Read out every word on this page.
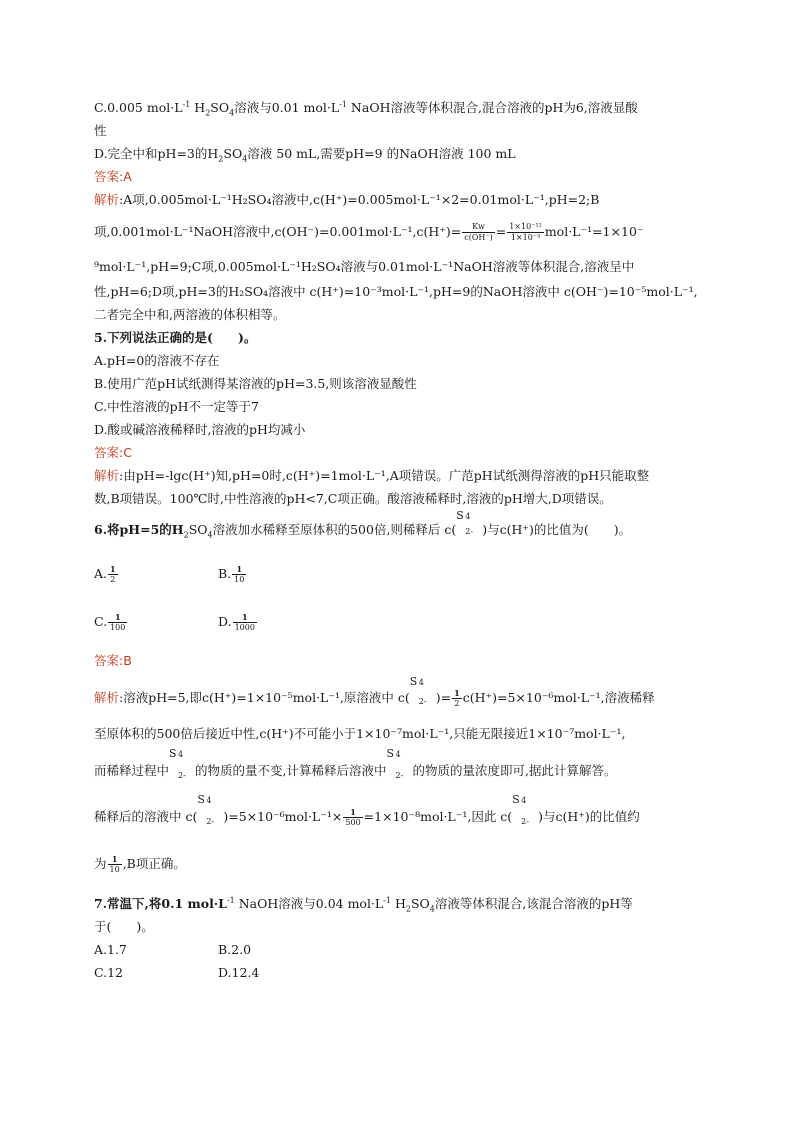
C.0.005 $mol\cdot L^{-1}$ $H_2SO_4$溶液与0.01 $mol\cdot L^{-1}$ NaOH溶液等体积混合,混合溶液的pH为6,溶液显酸
性
D.完全中和pH=3的$H_2SO_4$溶液 50 mL,需要pH=9 的NaOH溶液 100 mL
答案:A
解析:A项,0.005mol·L⁻¹H₂SO₄溶液中,c(H⁺)=0.005mol·L⁻¹×2=0.01mol·L⁻¹,pH=2;B
项,0.001mol·L⁻¹NaOH溶液中$,c(OH^-)=0.001mol\cdot L^{-1},c(H^+)= \frac{Kw}{c(OH^-)} = \frac{\text{1×10⁻¹²}}{\text{1×10⁻³}} mol\cdot L^{-1}=1\times 10^-$
⁹mol·L⁻¹,pH=9;C项,0.005mol·L⁻¹H₂SO₄溶液与0.01mol·L⁻¹NaOH溶液等体积混合,溶液呈中
性,pH=6;D项,pH=3的H₂SO₄溶液中 c(H⁺)=10⁻³mol·L⁻¹,pH=9的NaOH溶液中 c(OH⁻)=10⁻⁵mol·L⁻¹,
二者完全中和,两溶液的体积相等。
5.下列说法正确的是(　　)。
A.pH=0的溶液不存在
B.使用广范pH试纸测得某溶液的pH=3.5,则该溶液显酸性
C.中性溶液的pH不一定等于7
D.酸或碱溶液稀释时,溶液的pH均减小
答案:C
解析:由pH=-lgc(H⁺)知,pH=0时,c(H⁺)=1mol·L⁻¹,A项错误。广范pH试纸测得溶液的pH只能取整
数,B项错误。100℃时,中性溶液的pH<7,C项正确。酸溶液稀释时,溶液的pH增大,D项错误。
6.将pH=5的$H_2SO_4$溶液加水稀释至原体积的500倍,则稀释后 c(
S 4
2- )与c(H⁺)的比值为(　　)。
A. $\frac{1}{2}$	B. $\frac{1}{10}$
C. $\frac{1}{100}$	D. $\frac{1}{1000}$
答案:B
解析:溶液pH=5,即c(H⁺)=1×10⁻⁵mol·L⁻¹,原溶液中 c(
S 4
2- )= $\frac{1}{2} c(H^+)=5\times 10^{-6}mol\cdot L^{-1}$,溶液稀释
至原体积的500倍后接近中性,c(H⁺)不可能小于1×10⁻⁷mol·L⁻¹,只能无限接近1×10⁻⁷mol·L⁻¹,
而稀释过程中
S 4
2- 的物质的量不变,计算稀释后溶液中
S 4
2- 的物质的量浓度即可,据此计算解答。
稀释后的溶液中 c(
S 4
2- )$=5\times 10^{-6}mol\cdot L^{-1}\times \frac{1}{500} =1\times 10^{-8}mol\cdot L^{-1}$,因此 c(
S 4
2- )与c(H⁺)的比值约
为 $\frac{1}{10} ,B$项正确。
7.常温下,将0.1 $mol\cdot L^{-1}$ NaOH溶液与0.04 $mol\cdot L^{-1}$ $H_2SO_4$溶液等体积混合,该混合溶液的pH等
于(　　)。
A.1.7	B.2.0
C.12	D.12.4
